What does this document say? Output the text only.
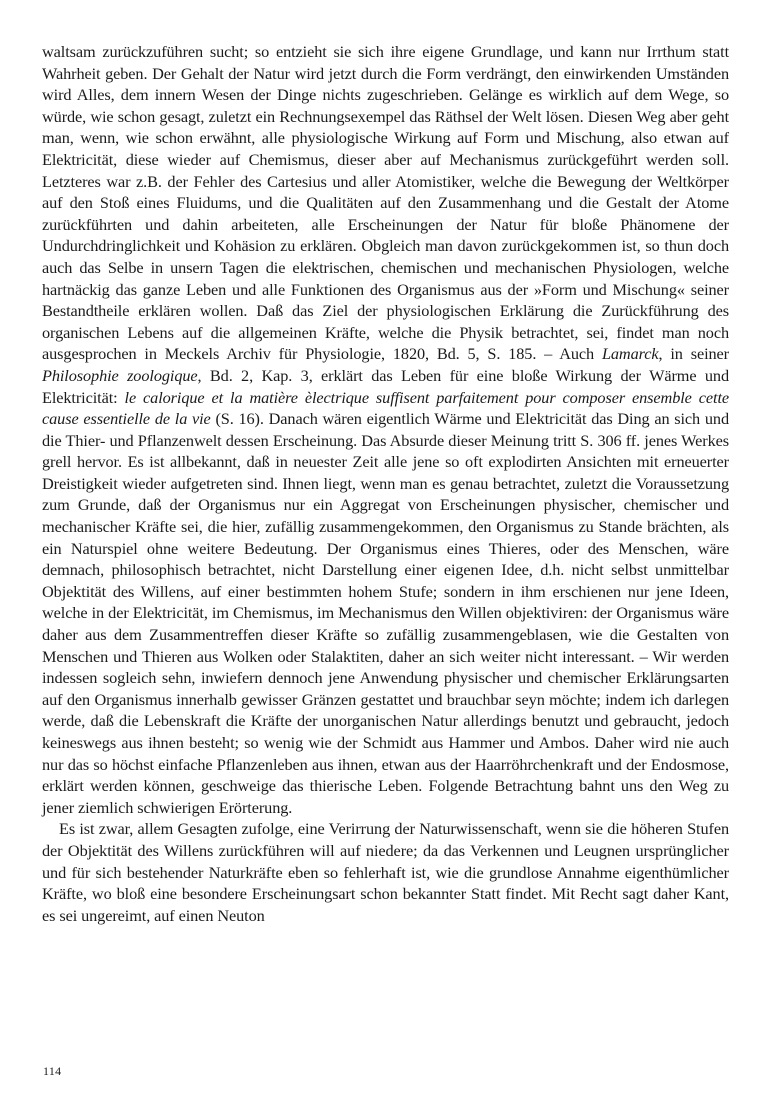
waltsam zurückzuführen sucht; so entzieht sie sich ihre eigene Grundlage, und kann nur Irrthum statt Wahrheit geben. Der Gehalt der Natur wird jetzt durch die Form verdrängt, den einwirkenden Umständen wird Alles, dem innern Wesen der Dinge nichts zugeschrieben. Gelänge es wirklich auf dem Wege, so würde, wie schon gesagt, zuletzt ein Rechnungsexempel das Räthsel der Welt lösen. Diesen Weg aber geht man, wenn, wie schon erwähnt, alle physiologische Wirkung auf Form und Mischung, also etwan auf Elektricität, diese wieder auf Chemismus, dieser aber auf Mechanismus zurückgeführt werden soll. Letzteres war z.B. der Fehler des Cartesius und aller Atomistiker, welche die Bewegung der Weltkörper auf den Stoß eines Fluidums, und die Qualitäten auf den Zusammenhang und die Gestalt der Atome zurückführten und dahin arbeiteten, alle Erscheinungen der Natur für bloße Phänomene der Undurchdringlichkeit und Kohäsion zu erklären. Obgleich man davon zurückgekommen ist, so thun doch auch das Selbe in unsern Tagen die elektrischen, chemischen und mechanischen Physiologen, welche hartnäckig das ganze Leben und alle Funktionen des Organismus aus der »Form und Mischung« seiner Bestandtheile erklären wollen. Daß das Ziel der physiologischen Erklärung die Zurückführung des organischen Lebens auf die allgemeinen Kräfte, welche die Physik betrachtet, sei, findet man noch ausgesprochen in Meckels Archiv für Physiologie, 1820, Bd. 5, S. 185. – Auch Lamarck, in seiner Philosophie zoologique, Bd. 2, Kap. 3, erklärt das Leben für eine bloße Wirkung der Wärme und Elektricität: le calorique et la matière èlectrique suffisent parfaitement pour composer ensemble cette cause essentielle de la vie (S. 16). Danach wären eigentlich Wärme und Elektricität das Ding an sich und die Thier- und Pflanzenwelt dessen Erscheinung. Das Absurde dieser Meinung tritt S. 306 ff. jenes Werkes grell hervor. Es ist allbekannt, daß in neuester Zeit alle jene so oft explodirten Ansichten mit erneuerter Dreistigkeit wieder aufgetreten sind. Ihnen liegt, wenn man es genau betrachtet, zuletzt die Voraussetzung zum Grunde, daß der Organismus nur ein Aggregat von Erscheinungen physischer, chemischer und mechanischer Kräfte sei, die hier, zufällig zusammengekommen, den Organismus zu Stande brächten, als ein Naturspiel ohne weitere Bedeutung. Der Organismus eines Thieres, oder des Menschen, wäre demnach, philosophisch betrachtet, nicht Darstellung einer eigenen Idee, d.h. nicht selbst unmittelbar Objektität des Willens, auf einer bestimmten hohem Stufe; sondern in ihm erschienen nur jene Ideen, welche in der Elektricität, im Chemismus, im Mechanismus den Willen objektiviren: der Organismus wäre daher aus dem Zusammentreffen dieser Kräfte so zufällig zusammengeblasen, wie die Gestalten von Menschen und Thieren aus Wolken oder Stalaktiten, daher an sich weiter nicht interessant. – Wir werden indessen sogleich sehn, inwiefern dennoch jene Anwendung physischer und chemischer Erklärungsarten auf den Organismus innerhalb gewisser Gränzen gestattet und brauchbar seyn möchte; indem ich darlegen werde, daß die Lebenskraft die Kräfte der unorganischen Natur allerdings benutzt und gebraucht, jedoch keineswegs aus ihnen besteht; so wenig wie der Schmidt aus Hammer und Ambos. Daher wird nie auch nur das so höchst einfache Pflanzenleben aus ihnen, etwan aus der Haarröhrchenkraft und der Endosmose, erklärt werden können, geschweige das thierische Leben. Folgende Betrachtung bahnt uns den Weg zu jener ziemlich schwierigen Erörterung.

Es ist zwar, allem Gesagten zufolge, eine Verirrung der Naturwissenschaft, wenn sie die höheren Stufen der Objektität des Willens zurückführen will auf niedere; da das Verkennen und Leugnen ursprünglicher und für sich bestehender Naturkräfte eben so fehlerhaft ist, wie die grundlose Annahme eigenthümlicher Kräfte, wo bloß eine besondere Erscheinungsart schon bekannter Statt findet. Mit Recht sagt daher Kant, es sei ungereimt, auf einen Neuton

114
